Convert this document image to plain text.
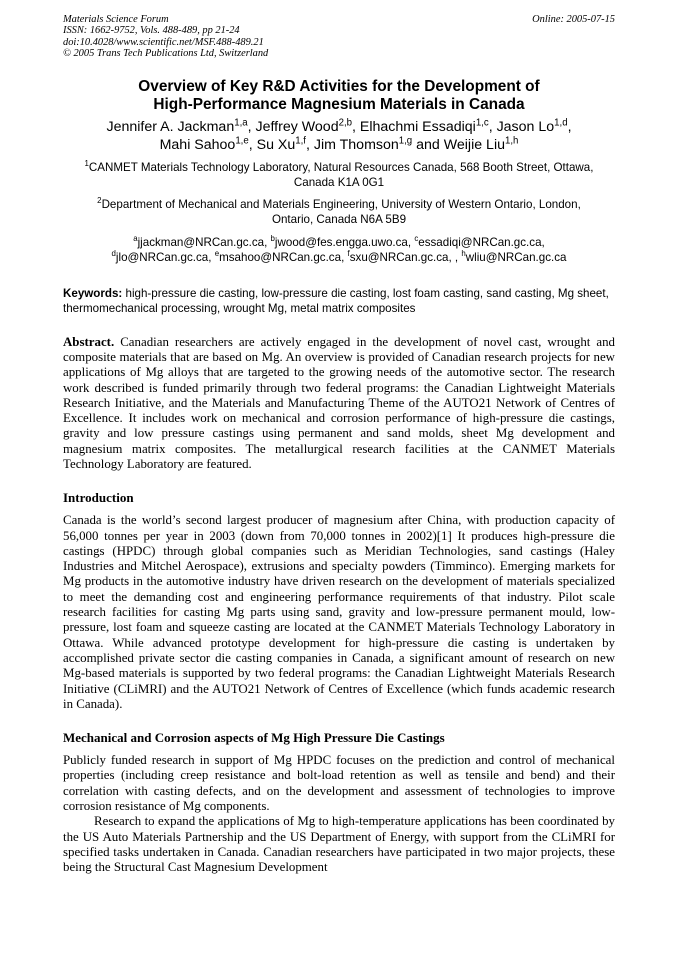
Materials Science Forum
ISSN: 1662-9752, Vols. 488-489, pp 21-24
doi:10.4028/www.scientific.net/MSF.488-489.21
© 2005 Trans Tech Publications Ltd, Switzerland
Online: 2005-07-15
Overview of Key R&D Activities for the Development of
High-Performance Magnesium Materials in Canada
Jennifer A. Jackman$^{1,a}$, Jeffrey Wood$^{2,b}$, Elhachmi Essadiqi$^{1,c}$, Jason Lo$^{1,d}$,
Mahi Sahoo$^{1,e}$, Su Xu$^{1,f}$, Jim Thomson$^{1,g}$ and Weijie Liu$^{1,h}$
$^1$CANMET Materials Technology Laboratory, Natural Resources Canada, 568 Booth Street, Ottawa,
Canada K1A 0G1
$^2$Department of Mechanical and Materials Engineering, University of Western Ontario, London,
Ontario, Canada N6A 5B9
$^a$jjackman@NRCan.gc.ca, $^b$jwood@fes.engga.uwo.ca, $^c$essadiqi@NRCan.gc.ca,
$^d$jlo@NRCan.gc.ca, $^e$msahoo@NRCan.gc.ca, $^f$sxu@NRCan.gc.ca, , $^h$wliu@NRCan.gc.ca

Keywords: high-pressure die casting, low-pressure die casting, lost foam casting, sand casting, Mg sheet, thermomechanical processing, wrought Mg, metal matrix composites

Abstract. Canadian researchers are actively engaged in the development of novel cast, wrought and composite materials that are based on Mg. An overview is provided of Canadian research projects for new applications of Mg alloys that are targeted to the growing needs of the automotive sector. The research work described is funded primarily through two federal programs: the Canadian Lightweight Materials Research Initiative, and the Materials and Manufacturing Theme of the AUTO21 Network of Centres of Excellence. It includes work on mechanical and corrosion performance of high-pressure die castings, gravity and low pressure castings using permanent and sand molds, sheet Mg development and magnesium matrix composites. The metallurgical research facilities at the CANMET Materials Technology Laboratory are featured.

Introduction

Canada is the world’s second largest producer of magnesium after China, with production capacity of 56,000 tonnes per year in 2003 (down from 70,000 tonnes in 2002)[1] It produces high-pressure die castings (HPDC) through global companies such as Meridian Technologies, sand castings (Haley Industries and Mitchel Aerospace), extrusions and specialty powders (Timminco). Emerging markets for Mg products in the automotive industry have driven research on the development of materials specialized to meet the demanding cost and engineering performance requirements of that industry. Pilot scale research facilities for casting Mg parts using sand, gravity and low-pressure permanent mould, low-pressure, lost foam and squeeze casting are located at the CANMET Materials Technology Laboratory in Ottawa. While advanced prototype development for high-pressure die casting is undertaken by accomplished private sector die casting companies in Canada, a significant amount of research on new Mg-based materials is supported by two federal programs: the Canadian Lightweight Materials Research Initiative (CLiMRI) and the AUTO21 Network of Centres of Excellence (which funds academic research in Canada).

Mechanical and Corrosion aspects of Mg High Pressure Die Castings

Publicly funded research in support of Mg HPDC focuses on the prediction and control of mechanical properties (including creep resistance and bolt-load retention as well as tensile and bend) and their correlation with casting defects, and on the development and assessment of technologies to improve corrosion resistance of Mg components.

Research to expand the applications of Mg to high-temperature applications has been coordinated by the US Auto Materials Partnership and the US Department of Energy, with support from the CLiMRI for specified tasks undertaken in Canada. Canadian researchers have participated in two major projects, these being the Structural Cast Magnesium Development
